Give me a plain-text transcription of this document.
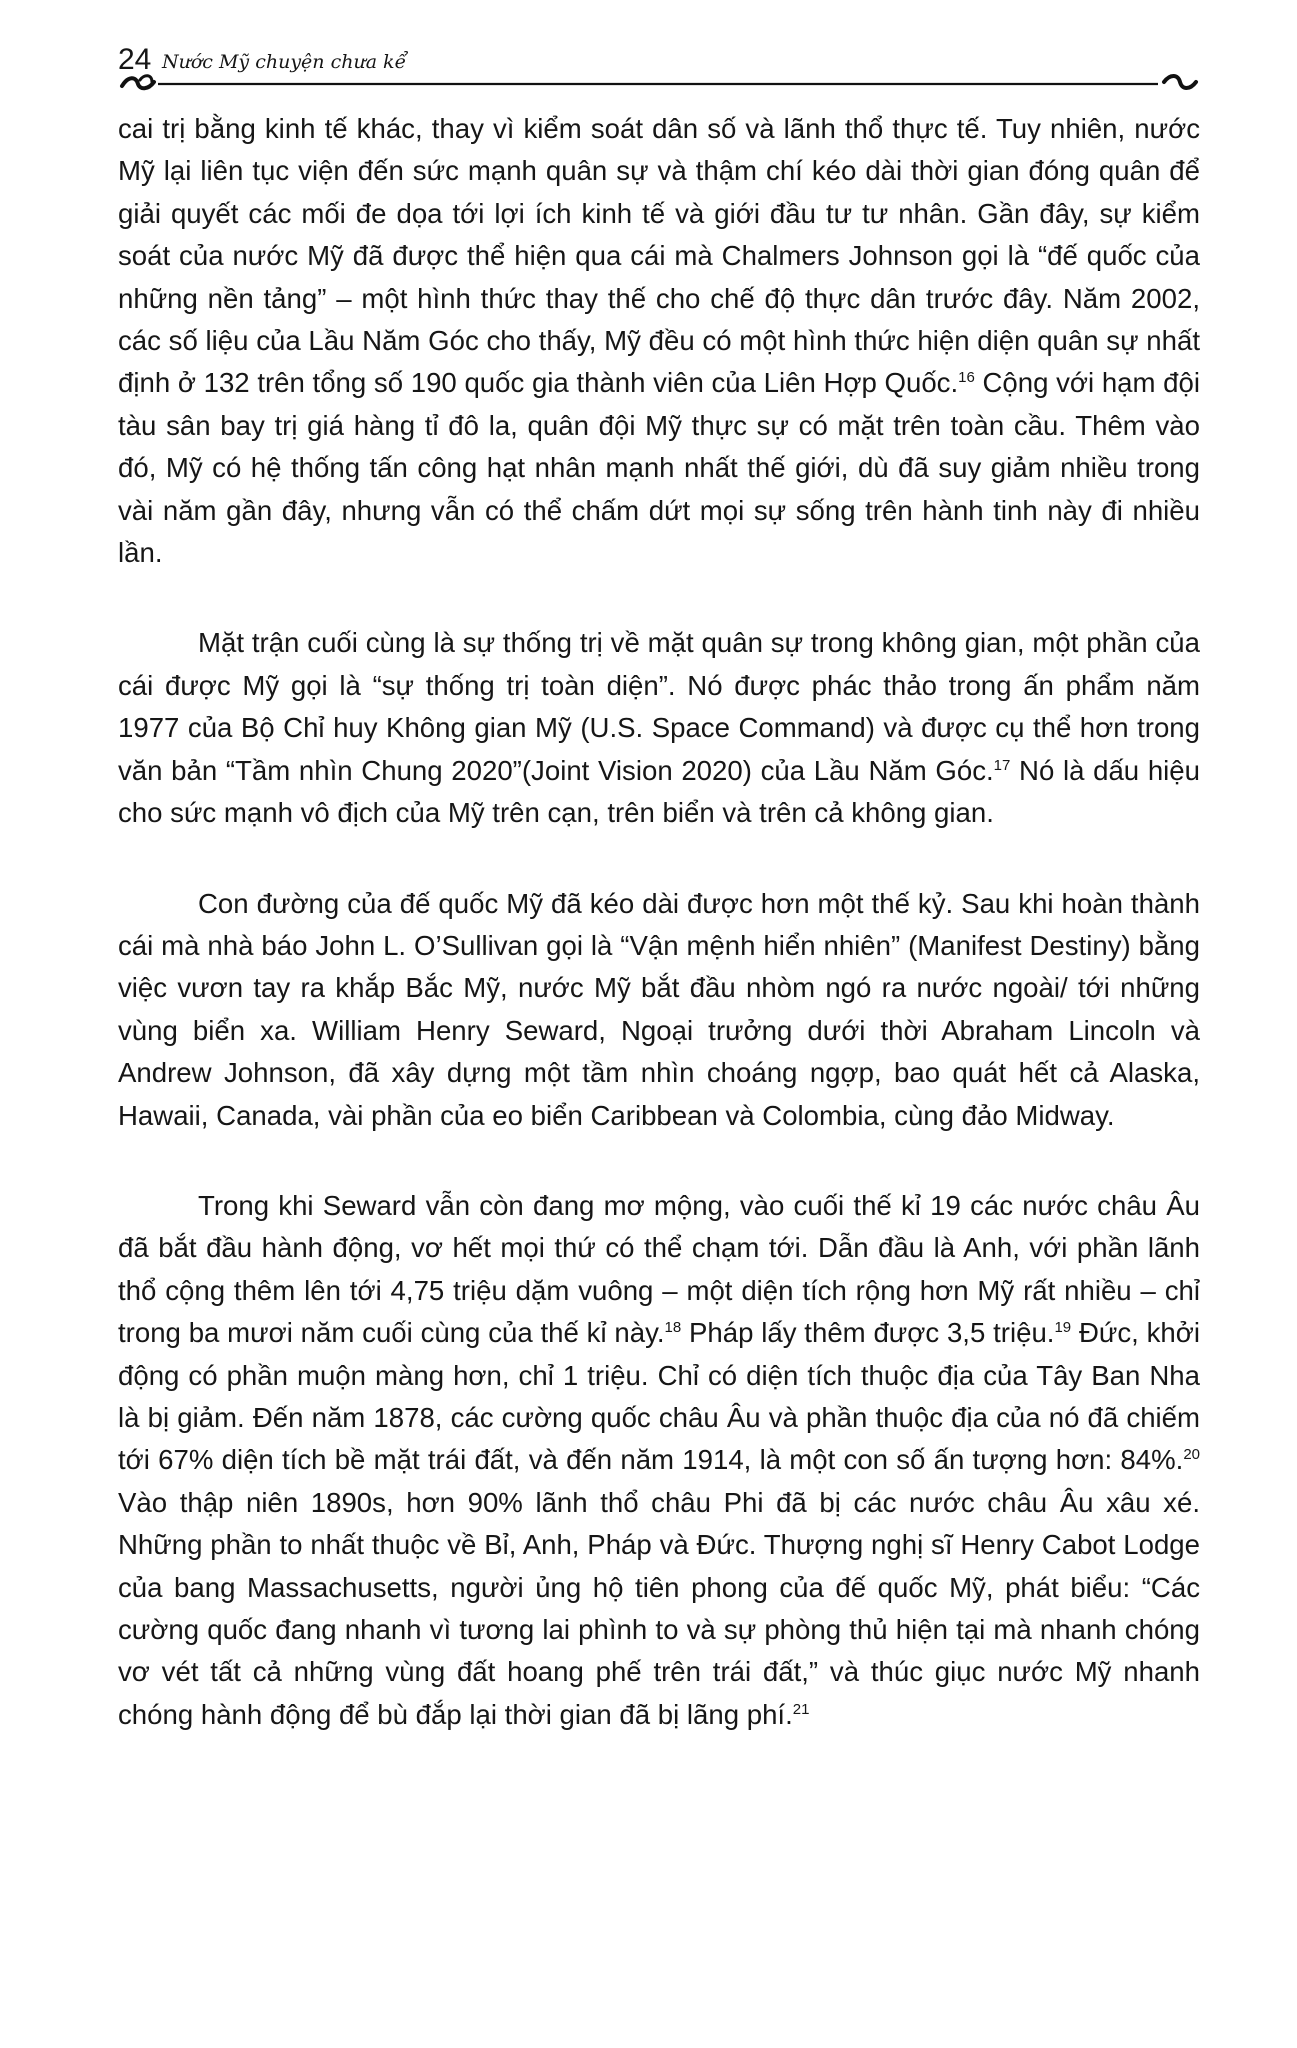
24 Nước Mỹ chuyện chưa kể

cai trị bằng kinh tế khác, thay vì kiểm soát dân số và lãnh thổ thực tế. Tuy nhiên, nước Mỹ lại liên tục viện đến sức mạnh quân sự và thậm chí kéo dài thời gian đóng quân để giải quyết các mối đe dọa tới lợi ích kinh tế và giới đầu tư tư nhân. Gần đây, sự kiểm soát của nước Mỹ đã được thể hiện qua cái mà Chalmers Johnson gọi là “đế quốc của những nền tảng” – một hình thức thay thế cho chế độ thực dân trước đây. Năm 2002, các số liệu của Lầu Năm Góc cho thấy, Mỹ đều có một hình thức hiện diện quân sự nhất định ở 132 trên tổng số 190 quốc gia thành viên của Liên Hợp Quốc.$^{16}$ Cộng với hạm đội tàu sân bay trị giá hàng tỉ đô la, quân đội Mỹ thực sự có mặt trên toàn cầu. Thêm vào đó, Mỹ có hệ thống tấn công hạt nhân mạnh nhất thế giới, dù đã suy giảm nhiều trong vài năm gần đây, nhưng vẫn có thể chấm dứt mọi sự sống trên hành tinh này đi nhiều lần.

Mặt trận cuối cùng là sự thống trị về mặt quân sự trong không gian, một phần của cái được Mỹ gọi là “sự thống trị toàn diện”. Nó được phác thảo trong ấn phẩm năm 1977 của Bộ Chỉ huy Không gian Mỹ (U.S. Space Command) và được cụ thể hơn trong văn bản “Tầm nhìn Chung 2020”(Joint Vision 2020) của Lầu Năm Góc.$^{17}$ Nó là dấu hiệu cho sức mạnh vô địch của Mỹ trên cạn, trên biển và trên cả không gian.

Con đường của đế quốc Mỹ đã kéo dài được hơn một thế kỷ. Sau khi hoàn thành cái mà nhà báo John L. O’Sullivan gọi là “Vận mệnh hiển nhiên” (Manifest Destiny) bằng việc vươn tay ra khắp Bắc Mỹ, nước Mỹ bắt đầu nhòm ngó ra nước ngoài/ tới những vùng biển xa. William Henry Seward, Ngoại trưởng dưới thời Abraham Lincoln và Andrew Johnson, đã xây dựng một tầm nhìn choáng ngợp, bao quát hết cả Alaska, Hawaii, Canada, vài phần của eo biển Caribbean và Colombia, cùng đảo Midway.

Trong khi Seward vẫn còn đang mơ mộng, vào cuối thế kỉ 19 các nước châu Âu đã bắt đầu hành động, vơ hết mọi thứ có thể chạm tới. Dẫn đầu là Anh, với phần lãnh thổ cộng thêm lên tới 4,75 triệu dặm vuông – một diện tích rộng hơn Mỹ rất nhiều – chỉ trong ba mươi năm cuối cùng của thế kỉ này.$^{18}$ Pháp lấy thêm được 3,5 triệu.$^{19}$ Đức, khởi động có phần muộn màng hơn, chỉ 1 triệu. Chỉ có diện tích thuộc địa của Tây Ban Nha là bị giảm. Đến năm 1878, các cường quốc châu Âu và phần thuộc địa của nó đã chiếm tới 67% diện tích bề mặt trái đất, và đến năm 1914, là một con số ấn tượng hơn: 84%.$^{20}$ Vào thập niên 1890s, hơn 90% lãnh thổ châu Phi đã bị các nước châu Âu xâu xé. Những phần to nhất thuộc về Bỉ, Anh, Pháp và Đức. Thượng nghị sĩ Henry Cabot Lodge của bang Massachusetts, người ủng hộ tiên phong của đế quốc Mỹ, phát biểu: “Các cường quốc đang nhanh vì tương lai phình to và sự phòng thủ hiện tại mà nhanh chóng vơ vét tất cả những vùng đất hoang phế trên trái đất,” và thúc giục nước Mỹ nhanh chóng hành động để bù đắp lại thời gian đã bị lãng phí.$^{21}$
